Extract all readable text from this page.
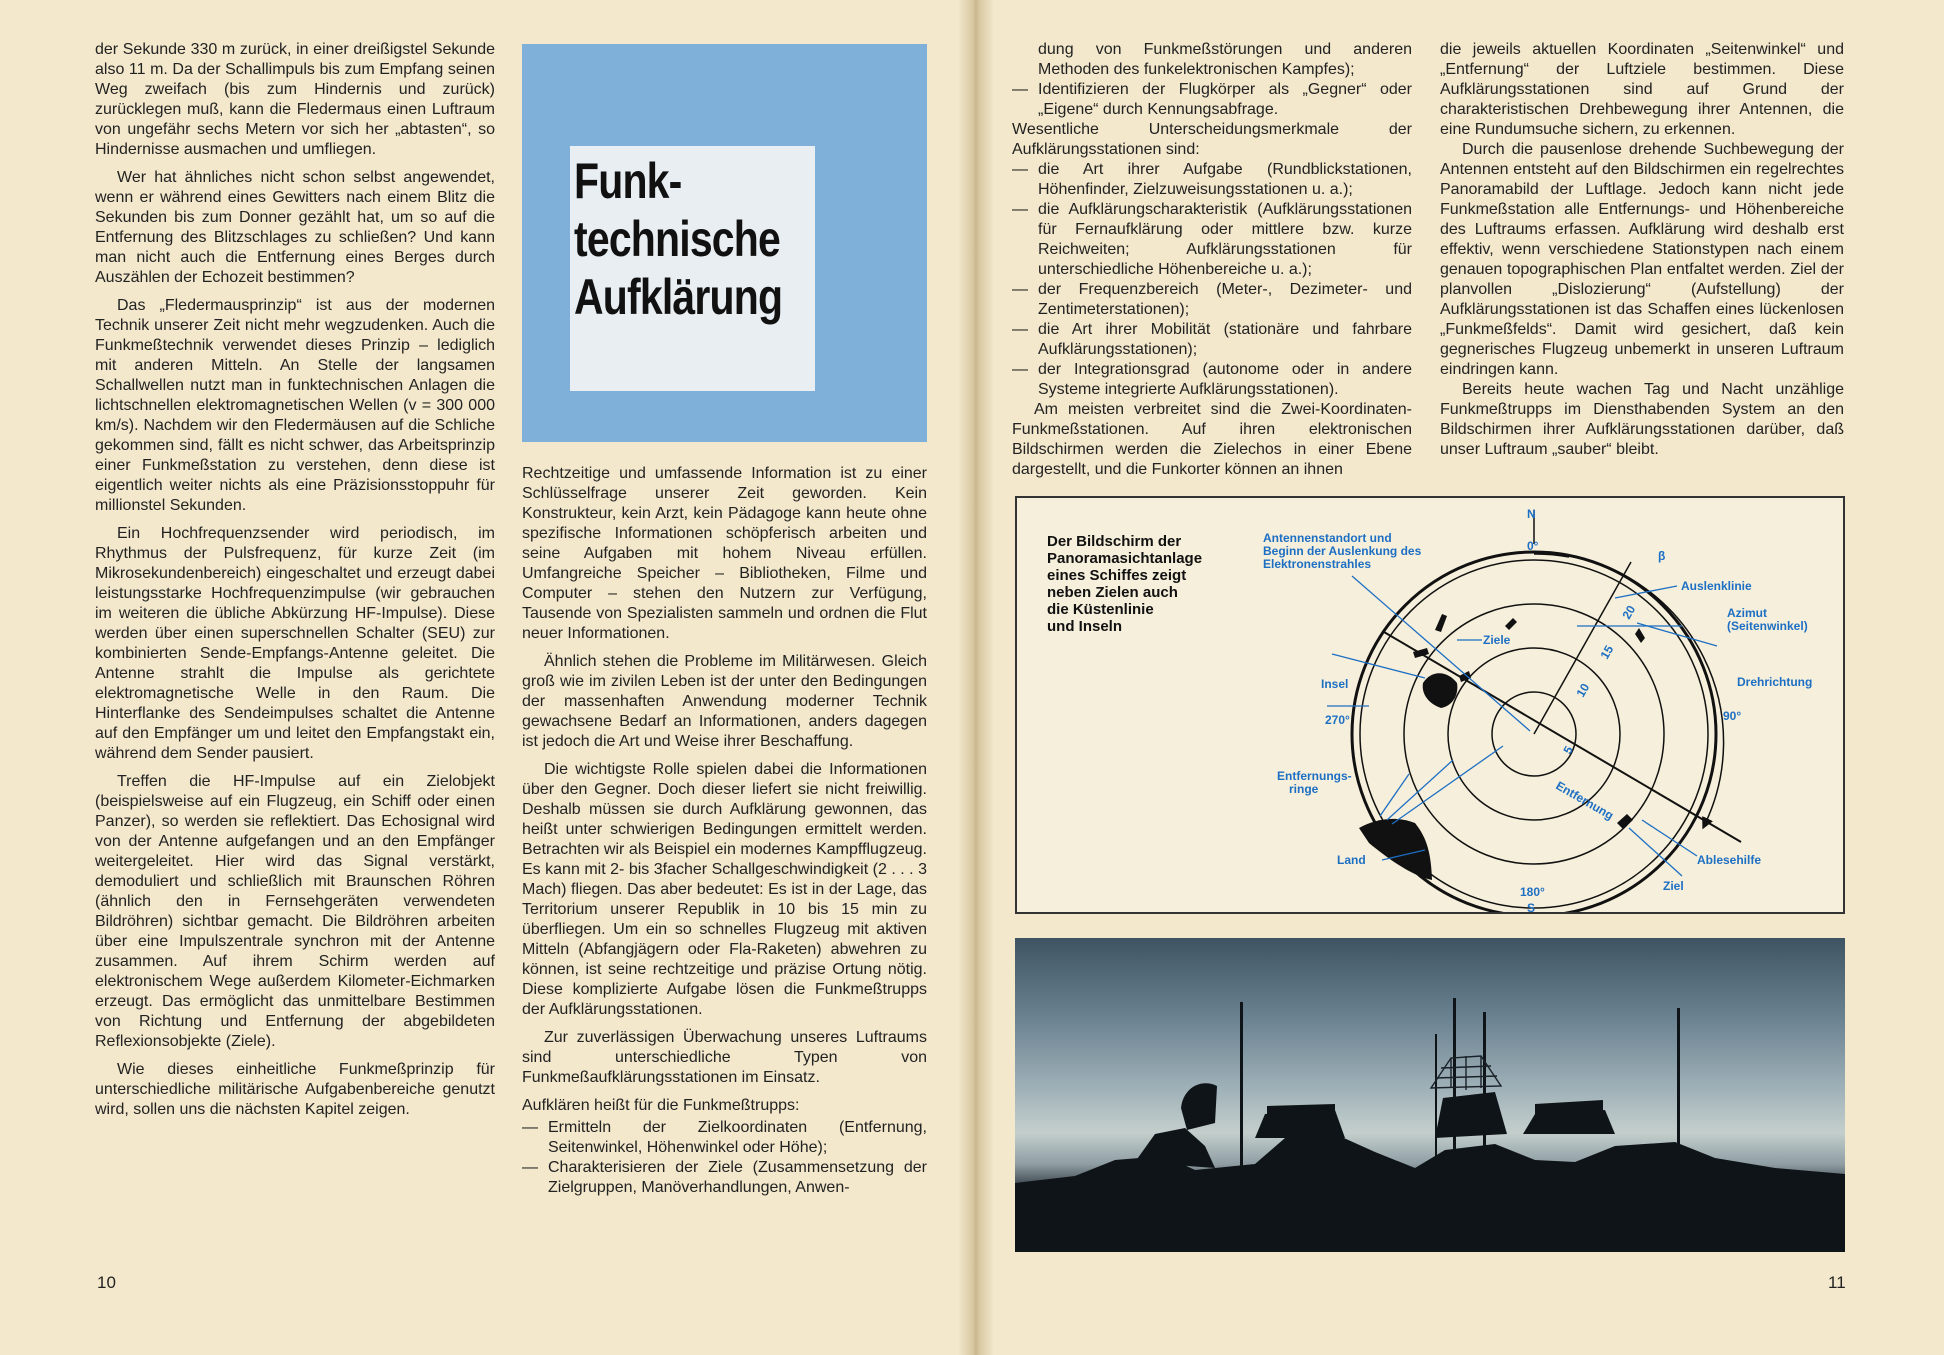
der Sekunde 330 m zurück, in einer dreißigstel Sekunde also 11 m. Da der Schallimpuls bis zum Empfang seinen Weg zweifach (bis zum Hindernis und zurück) zurücklegen muß, kann die Fledermaus einen Luftraum von ungefähr sechs Metern vor sich her „abtasten“, so Hindernisse ausmachen und umfliegen.

Wer hat ähnliches nicht schon selbst angewendet, wenn er während eines Gewitters nach einem Blitz die Sekunden bis zum Donner gezählt hat, um so auf die Entfernung des Blitzschlages zu schließen? Und kann man nicht auch die Entfernung eines Berges durch Auszählen der Echozeit bestimmen?

Das „Fledermausprinzip“ ist aus der modernen Technik unserer Zeit nicht mehr wegzudenken. Auch die Funkmeßtechnik verwendet dieses Prinzip – lediglich mit anderen Mitteln. An Stelle der langsamen Schallwellen nutzt man in funktechnischen Anlagen die lichtschnellen elektromagnetischen Wellen (v = 300 000 km/s). Nachdem wir den Fledermäusen auf die Schliche gekommen sind, fällt es nicht schwer, das Arbeitsprinzip einer Funkmeßstation zu verstehen, denn diese ist eigentlich weiter nichts als eine Präzisionsstoppuhr für millionstel Sekunden.

Ein Hochfrequenzsender wird periodisch, im Rhythmus der Pulsfrequenz, für kurze Zeit (im Mikrosekundenbereich) eingeschaltet und erzeugt dabei leistungsstarke Hochfrequenzimpulse (wir gebrauchen im weiteren die übliche Abkürzung HF-Impulse). Diese werden über einen superschnellen Schalter (SEU) zur kombinierten Sende-Empfangs-Antenne geleitet. Die Antenne strahlt die Impulse als gerichtete elektromagnetische Welle in den Raum. Die Hinterflanke des Sendeimpulses schaltet die Antenne auf den Empfänger um und leitet den Empfangstakt ein, während dem Sender pausiert.

Treffen die HF-Impulse auf ein Zielobjekt (beispielsweise auf ein Flugzeug, ein Schiff oder einen Panzer), so werden sie reflektiert. Das Echosignal wird von der Antenne aufgefangen und an den Empfänger weitergeleitet. Hier wird das Signal verstärkt, demoduliert und schließlich mit Braunschen Röhren (ähnlich den in Fernsehgeräten verwendeten Bildröhren) sichtbar gemacht. Die Bildröhren arbeiten über eine Impulszentrale synchron mit der Antenne zusammen. Auf ihrem Schirm werden auf elektronischem Wege außerdem Kilometer-Eichmarken erzeugt. Das ermöglicht das unmittelbare Bestimmen von Richtung und Entfernung der abgebildeten Reflexionsobjekte (Ziele).

Wie dieses einheitliche Funkmeßprinzip für unterschiedliche militärische Aufgabenbereiche genutzt wird, sollen uns die nächsten Kapitel zeigen.

Funk-
technische
Aufklärung

Rechtzeitige und umfassende Information ist zu einer Schlüsselfrage unserer Zeit geworden. Kein Konstrukteur, kein Arzt, kein Pädagoge kann heute ohne spezifische Informationen schöpferisch arbeiten und seine Aufgaben mit hohem Niveau erfüllen. Umfangreiche Speicher – Bibliotheken, Filme und Computer – stehen den Nutzern zur Verfügung, Tausende von Spezialisten sammeln und ordnen die Flut neuer Informationen.

Ähnlich stehen die Probleme im Militärwesen. Gleich groß wie im zivilen Leben ist der unter den Bedingungen der massenhaften Anwendung moderner Technik gewachsene Bedarf an Informationen, anders dagegen ist jedoch die Art und Weise ihrer Beschaffung.

Die wichtigste Rolle spielen dabei die Informationen über den Gegner. Doch dieser liefert sie nicht freiwillig. Deshalb müssen sie durch Aufklärung gewonnen, das heißt unter schwierigen Bedingungen ermittelt werden. Betrachten wir als Beispiel ein modernes Kampfflugzeug. Es kann mit 2- bis 3facher Schallgeschwindigkeit (2 . . . 3 Mach) fliegen. Das aber bedeutet: Es ist in der Lage, das Territorium unserer Republik in 10 bis 15 min zu überfliegen. Um ein so schnelles Flugzeug mit aktiven Mitteln (Abfangjägern oder Fla-Raketen) abwehren zu können, ist seine rechtzeitige und präzise Ortung nötig. Diese komplizierte Aufgabe lösen die Funkmeßtrupps der Aufklärungsstationen.

Zur zuverlässigen Überwachung unseres Luftraums sind unterschiedliche Typen von Funkmeßaufklärungsstationen im Einsatz.

Aufklären heißt für die Funkmeßtrupps:

— Ermitteln der Zielkoordinaten (Entfernung, Seitenwinkel, Höhenwinkel oder Höhe);
— Charakterisieren der Ziele (Zusammensetzung der Zielgruppen, Manöverhandlungen, Anwen-
10

dung von Funkmeßstörungen und anderen Methoden des funkelektronischen Kampfes);

— Identifizieren der Flugkörper als „Gegner“ oder „Eigene“ durch Kennungsabfrage.

Wesentliche Unterscheidungsmerkmale der Aufklärungsstationen sind:

— die Art ihrer Aufgabe (Rundblickstationen, Höhenfinder, Zielzuweisungsstationen u. a.);
— die Aufklärungscharakteristik (Aufklärungsstationen für Fernaufklärung oder mittlere bzw. kurze Reichweiten; Aufklärungsstationen für unterschiedliche Höhenbereiche u. a.);
— der Frequenzbereich (Meter-, Dezimeter- und Zentimeterstationen);
— die Art ihrer Mobilität (stationäre und fahrbare Aufklärungsstationen);
— der Integrationsgrad (autonome oder in andere Systeme integrierte Aufklärungsstationen).

Am meisten verbreitet sind die Zwei-Koordinaten-Funkmeßstationen. Auf ihren elektronischen Bildschirmen werden die Zielechos in einer Ebene dargestellt, und die Funkorter können an ihnen

die jeweils aktuellen Koordinaten „Seitenwinkel“ und „Entfernung“ der Luftziele bestimmen. Diese Aufklärungsstationen sind auf Grund der charakteristischen Drehbewegung ihrer Antennen, die eine Rundumsuche sichern, zu erkennen.

Durch die pausenlose drehende Suchbewegung der Antennen entsteht auf den Bildschirmen ein regelrechtes Panoramabild der Luftlage. Jedoch kann nicht jede Funkmeßstation alle Entfernungs- und Höhenbereiche des Luftraums erfassen. Aufklärung wird deshalb erst effektiv, wenn verschiedene Stationstypen nach einem genauen topographischen Plan entfaltet werden. Ziel der planvollen „Dislozierung“ (Aufstellung) der Aufklärungsstationen ist das Schaffen eines lückenlosen „Funkmeßfelds“. Damit wird gesichert, daß kein gegnerisches Flugzeug unbemerkt in unseren Luftraum eindringen kann.

Bereits heute wachen Tag und Nacht unzählige Funkmeßtrupps im Diensthabenden System an den Bildschirmen ihrer Aufklärungsstationen darüber, daß unser Luftraum „sauber“ bleibt.

Der Bildschirm der
Panoramasichtanlage
eines Schiffes zeigt
neben Zielen auch
die Küstenlinie
und Inseln
Antennenstandort und
Beginn der Auslenkung des
Elektronenstrahles
Auslenklinie
Azimut
(Seitenwinkel)
Drehrichtung
Ziele
Insel
Entfernungs-
ringe
Land	Ablesehilfe
Ziel
Entfernung
β
5
10
15
20
N
0°
90°
180°
S
270°
11
